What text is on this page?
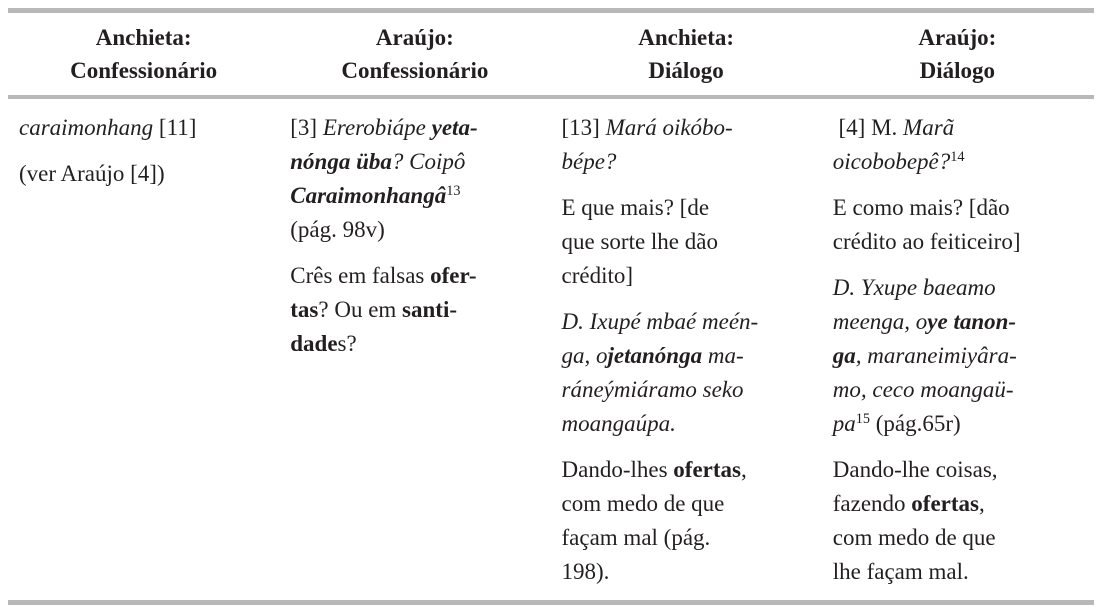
Anchieta:
Confessionário
Araújo:
Confessionário
Anchieta:
Diálogo
Araújo:
Diálogo

caraimonhang [11]

(ver Araújo [4])

[3] Ererobiápe yeta-
nónga üba? Coipô
Caraimonhangâ$^{13}$
(pág. 98v)

Crês em falsas ofer-
tas? Ou em santi-
dades?

[13] Mará oikóbo-
bépe?

E que mais? [de
que sorte lhe dão
crédito]

D. Ixupé mbaé meén-
ga, ojetanónga ma-
ráneýmiáramo seko
moangaúpa.

Dando-lhes ofertas,
com medo de que
façam mal (pág.
198).

[4] M. Marã
oicobobepê?$^{14}$

E como mais? [dão
crédito ao feiticeiro]

D. Yxupe baeamo
meenga, oye tanon-
ga, maraneimiyâra-
mo, ceco moangaü-
$pa^{15}$ (pág.65r)

Dando-lhe coisas,
fazendo ofertas,
com medo de que
lhe façam mal.
